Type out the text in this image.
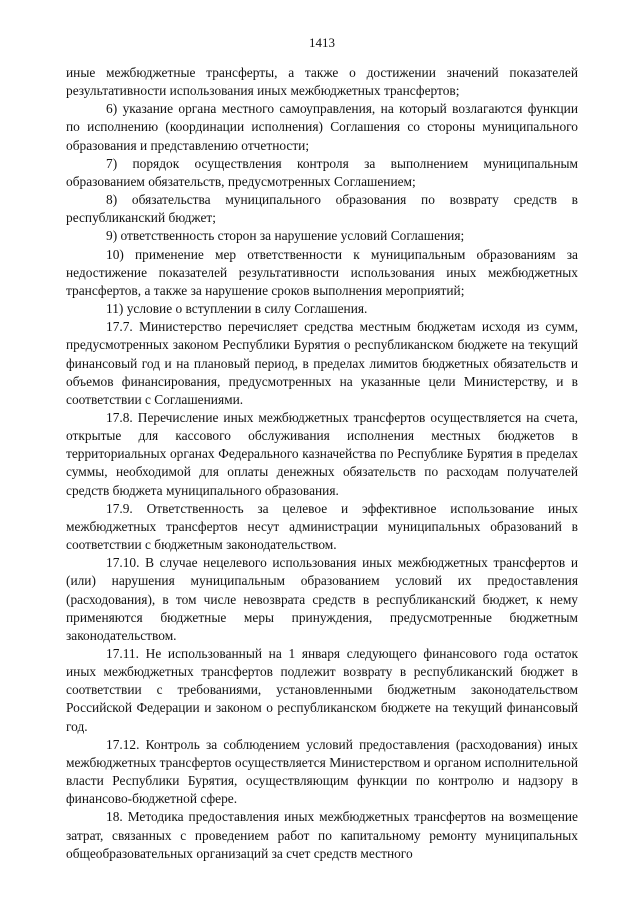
1413

иные межбюджетные трансферты, а также о достижении значений показателей результативности использования иных межбюджетных трансфертов;

6) указание органа местного самоуправления, на который возлагаются функции по исполнению (координации исполнения) Соглашения со стороны муниципального образования и представлению отчетности;

7) порядок осуществления контроля за выполнением муниципальным образованием обязательств, предусмотренных Соглашением;

8) обязательства муниципального образования по возврату средств в республиканский бюджет;

9) ответственность сторон за нарушение условий Соглашения;

10) применение мер ответственности к муниципальным образованиям за недостижение показателей результативности использования иных межбюджетных трансфертов, а также за нарушение сроков выполнения мероприятий;

11) условие о вступлении в силу Соглашения.

17.7. Министерство перечисляет средства местным бюджетам исходя из сумм, предусмотренных законом Республики Бурятия о республиканском бюджете на текущий финансовый год и на плановый период, в пределах лимитов бюджетных обязательств и объемов финансирования, предусмотренных на указанные цели Министерству, и в соответствии с Соглашениями.

17.8. Перечисление иных межбюджетных трансфертов осуществляется на счета, открытые для кассового обслуживания исполнения местных бюджетов в территориальных органах Федерального казначейства по Республике Бурятия в пределах суммы, необходимой для оплаты денежных обязательств по расходам получателей средств бюджета муниципального образования.

17.9. Ответственность за целевое и эффективное использование иных межбюджетных трансфертов несут администрации муниципальных образований в соответствии с бюджетным законодательством.

17.10. В случае нецелевого использования иных межбюджетных трансфертов и (или) нарушения муниципальным образованием условий их предоставления (расходования), в том числе невозврата средств в республиканский бюджет, к нему применяются бюджетные меры принуждения, предусмотренные бюджетным законодательством.

17.11. Не использованный на 1 января следующего финансового года остаток иных межбюджетных трансфертов подлежит возврату в республиканский бюджет в соответствии с требованиями, установленными бюджетным законодательством Российской Федерации и законом о республиканском бюджете на текущий финансовый год.

17.12. Контроль за соблюдением условий предоставления (расходования) иных межбюджетных трансфертов осуществляется Министерством и органом исполнительной власти Республики Бурятия, осуществляющим функции по контролю и надзору в финансово-бюджетной сфере.

18. Методика предоставления иных межбюджетных трансфертов на возмещение затрат, связанных с проведением работ по капитальному ремонту муниципальных общеобразовательных организаций за счет средств местного
